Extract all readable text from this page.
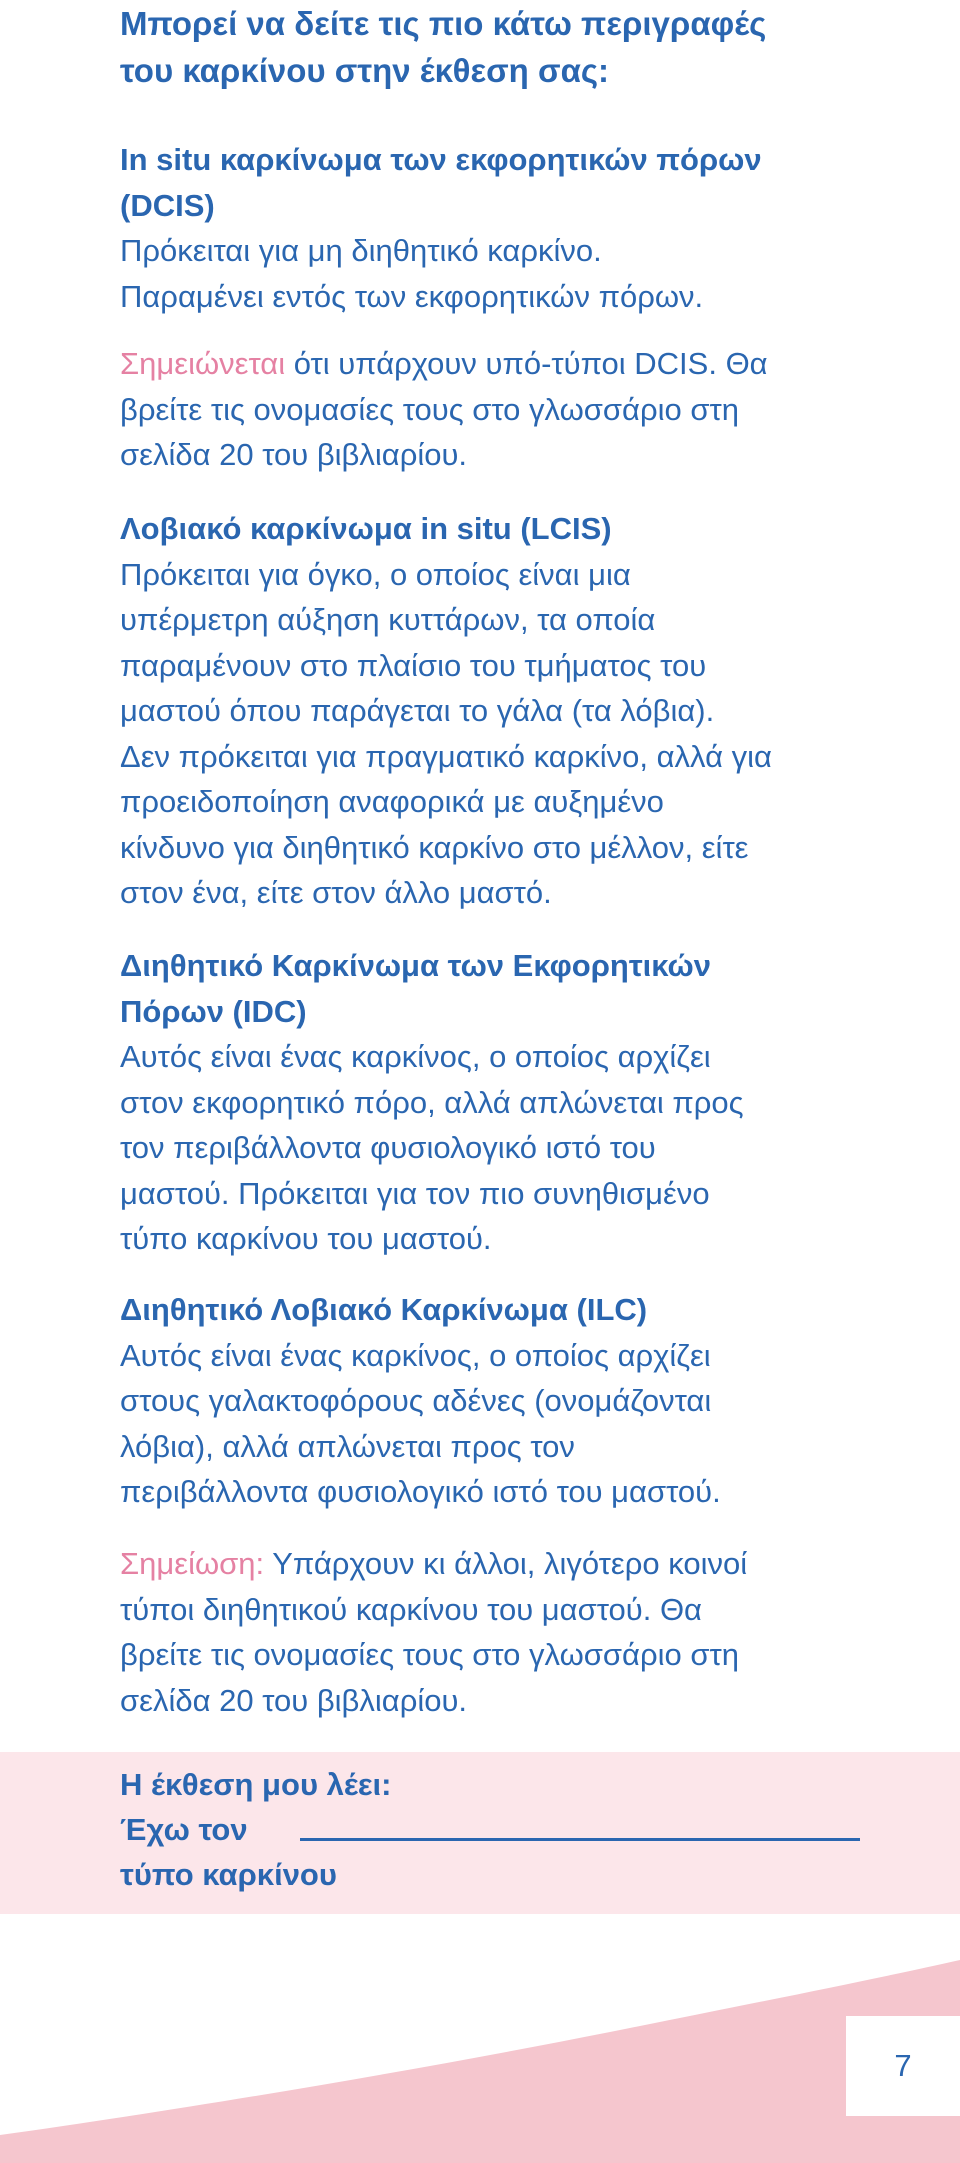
Μπορεί να δείτε τις πιο κάτω περιγραφές
του καρκίνου στην έκθεση σας:
In situ καρκίνωμα των εκφορητικών πόρων
(DCIS)
Πρόκειται για μη διηθητικό καρκίνο.
Παραμένει εντός των εκφορητικών πόρων.
Σημειώνεται ότι υπάρχουν υπό-τύποι DCIS. Θα
βρείτε τις ονομασίες τους στο γλωσσάριο στη
σελίδα 20 του βιβλιαρίου.
Λοβιακό καρκίνωμα in situ (LCIS)
Πρόκειται για όγκο, ο οποίος είναι μια
υπέρμετρη αύξηση κυττάρων, τα οποία
παραμένουν στο πλαίσιο του τμήματος του
μαστού όπου παράγεται το γάλα (τα λόβια).
Δεν πρόκειται για πραγματικό καρκίνο, αλλά για
προειδοποίηση αναφορικά με αυξημένο
κίνδυνο για διηθητικό καρκίνο στο μέλλον, είτε
στον ένα, είτε στον άλλο μαστό.
Διηθητικό Καρκίνωμα των Εκφορητικών
Πόρων (IDC)
Αυτός είναι ένας καρκίνος, ο οποίος αρχίζει
στον εκφορητικό πόρο, αλλά απλώνεται προς
τον περιβάλλοντα φυσιολογικό ιστό του
μαστού. Πρόκειται για τον πιο συνηθισμένο
τύπο καρκίνου του μαστού.
Διηθητικό Λοβιακό Καρκίνωμα (ILC)
Αυτός είναι ένας καρκίνος, ο οποίος αρχίζει
στους γαλακτοφόρους αδένες (ονομάζονται
λόβια), αλλά απλώνεται προς τον
περιβάλλοντα φυσιολογικό ιστό του μαστού.
Σημείωση: Υπάρχουν κι άλλοι, λιγότερο κοινοί
τύποι διηθητικού καρκίνου του μαστού. Θα
βρείτε τις ονομασίες τους στο γλωσσάριο στη
σελίδα 20 του βιβλιαρίου.
Η έκθεση μου λέει:
Έχω τον
τύπο καρκίνου
7
